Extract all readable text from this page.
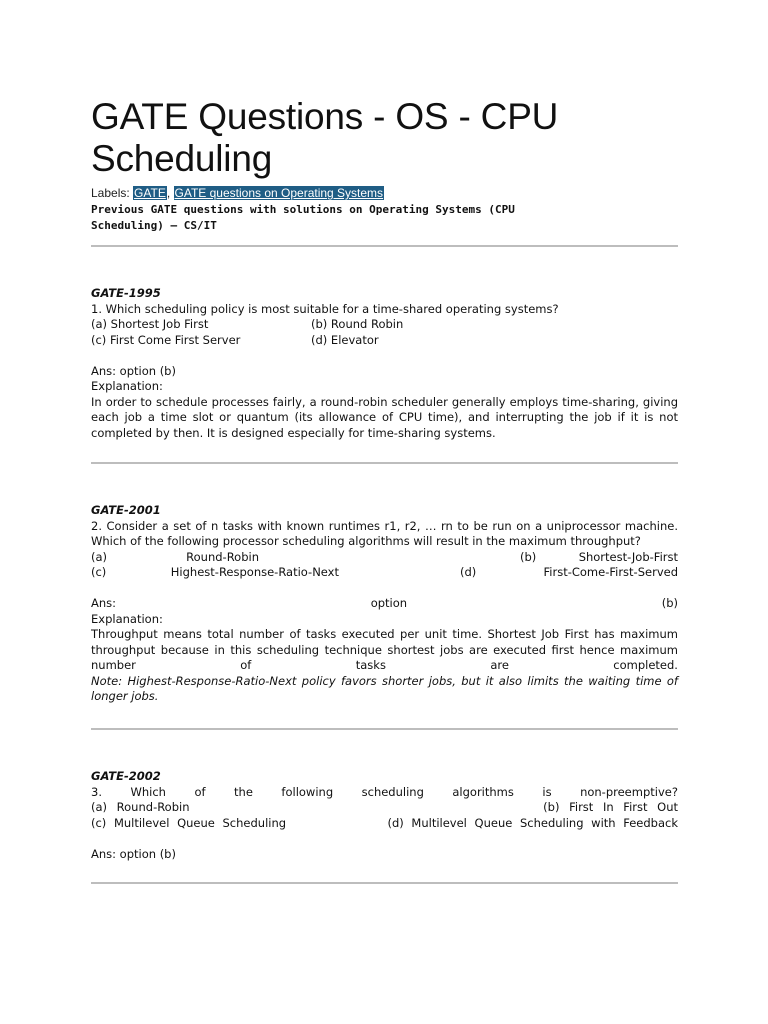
GATE Questions - OS - CPU Scheduling
Labels: GATE, GATE questions on Operating Systems
Previous GATE questions with solutions on Operating Systems (CPU
Scheduling) – CS/IT
GATE-1995
1. Which scheduling policy is most suitable for a time-shared operating systems?
(a) Shortest Job First	(b) Round Robin
(c) First Come First Server	(d) Elevator
Ans: option (b)
Explanation:
In order to schedule processes fairly, a round-robin scheduler generally employs time-sharing, giving each job a time slot or quantum (its allowance of CPU time), and interrupting the job if it is not completed by then. It is designed especially for time-sharing systems.
GATE-2001
2. Consider a set of n tasks with known runtimes r1, r2, … rn to be run on a uniprocessor machine. Which of the following processor scheduling algorithms will result in the maximum throughput?
(a)	Round-Robin	(b)	Shortest-Job-First
(c)	Highest-Response-Ratio-Next	(d)	First-Come-First-Served
Ans:	option	(b)
Explanation:
Throughput means total number of tasks executed per unit time. Shortest Job First has maximum throughput because in this scheduling technique shortest jobs are executed first hence maximum
number	of	tasks	are	completed.
Note: Highest-Response-Ratio-Next policy favors shorter jobs, but it also limits the waiting time of longer jobs.
GATE-2002
3. Which of the following scheduling algorithms is non-preemptive?
(a) Round-Robin	(b) First In First Out
(c) Multilevel Queue Scheduling	(d) Multilevel Queue Scheduling with Feedback
Ans: option (b)
